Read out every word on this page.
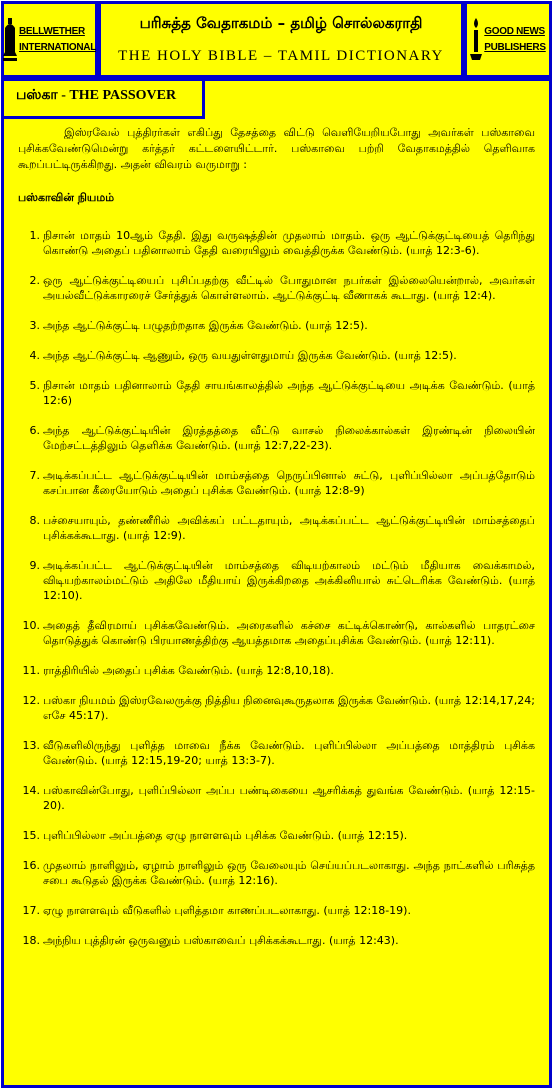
BELLWETHER
INTERNATIONAL
பரிசுத்த வேதாகமம் – தமிழ் சொல்லகராதி
THE HOLY BIBLE – TAMIL DICTIONARY
GOOD NEWS
PUBLISHERS

இஸ்ரவேல் புத்திரர்கள் எகிப்து தேசத்தை விட்டு வெளியேறியபோது அவர்கள் பஸ்காவை புசிக்கவேண்டுமென்று கர்த்தர் கட்டளையிட்டார். பஸ்காவை பற்றி வேதாகமத்தில் தெளிவாக கூறப்பட்டிருக்கிறது. அதன் விவரம் வருமாறு :

பஸ்காவின் நியமம்
1. நிசான் மாதம் 10ஆம் தேதி. இது வருஷத்தின் முதலாம் மாதம். ஒரு ஆட்டுக்குட்டியைத் தெரிந்து கொண்டு அதைப் பதினாலாம் தேதி வரையிலும் வைத்திருக்க வேண்டும். (யாத் 12:3-6).
2. ஒரு ஆட்டுக்குட்டியைப் புசிப்பதற்கு வீட்டில் போதுமான நபர்கள் இல்லையென்றால், அவர்கள் அயல்வீட்டுக்காரரைச் சேர்த்துக் கொள்ளலாம். ஆட்டுக்குட்டி வீணாகக் கூடாது. (யாத் 12:4).
3. அந்த ஆட்டுக்குட்டி பழுதற்றதாக இருக்க வேண்டும். (யாத் 12:5).
4. அந்த ஆட்டுக்குட்டி ஆணும், ஒரு வயதுள்ளதுமாய் இருக்க வேண்டும். (யாத் 12:5).
5. நிசான் மாதம் பதினாலாம் தேதி சாயங்காலத்தில் அந்த ஆட்டுக்குட்டியை அடிக்க வேண்டும். (யாத் 12:6)
6. அந்த ஆட்டுக்குட்டியின் இரத்தத்தை வீட்டு வாசல் நிலைக்கால்கள் இரண்டின் நிலையின் மேற்சட்டத்திலும் தெளிக்க வேண்டும். (யாத் 12:7,22-23).
7. அடிக்கப்பட்ட ஆட்டுக்குட்டியின் மாம்சத்தை நெருப்பினால் சுட்டு, புளிப்பில்லா அப்பத்தோடும் கசப்பான கீரையோடும் அதைப் புசிக்க வேண்டும். (யாத் 12:8-9)
8. பச்சையாயும், தண்ணீரில் அவிக்கப் பட்டதாயும், அடிக்கப்பட்ட ஆட்டுக்குட்டியின் மாம்சத்தைப் புசிக்கக்கூடாது. (யாத் 12:9).
9. அடிக்கப்பட்ட ஆட்டுக்குட்டியின் மாம்சத்தை விடியற்காலம் மட்டும் மீதியாக வைக்காமல், விடியற்காலம்மட்டும் அதிலே மீதியாய் இருக்கிறதை அக்கினியால் சுட்டெரிக்க வேண்டும். (யாத் 12:10).
10. அதைத் தீவிரமாய் புசிக்கவேண்டும். அரைகளில் கச்சை கட்டிக்கொண்டு, கால்களில் பாதரட்சை தொடுத்துக் கொண்டு பிரயாணத்திற்கு ஆயத்தமாக அதைப்புசிக்க வேண்டும். (யாத் 12:11).
11. ராத்திரியில் அதைப் புசிக்க வேண்டும். (யாத் 12:8,10,18).
12. பஸ்கா நியமம் இஸ்ரவேலருக்கு நித்திய நினைவுகூருதலாக இருக்க வேண்டும். (யாத் 12:14,17,24; எசே 45:17).
13. வீடுகளிலிருந்து புளித்த மாவை நீக்க வேண்டும். புளிப்பில்லா அப்பத்தை மாத்திரம் புசிக்க வேண்டும். (யாத் 12:15,19-20; யாத் 13:3-7).
14. பஸ்காவின்போது, புளிப்பில்லா அப்ப பண்டிகையை ஆசரிக்கத் துவங்க வேண்டும். (யாத் 12:15-20).
15. புளிப்பில்லா அப்பத்தை ஏழு நாளளவும் புசிக்க வேண்டும். (யாத் 12:15).
16. முதலாம் நாளிலும், ஏழாம் நாளிலும் ஒரு வேலையும் செய்யப்படலாகாது. அந்த நாட்களில் பரிசுத்த சபை கூடுதல் இருக்க வேண்டும். (யாத் 12:16).
17. ஏழு நாளளவும் வீடுகளில் புளித்தமா காணப்படலாகாது. (யாத் 12:18-19).
18. அந்நிய புத்திரன் ஒருவனும் பஸ்காவைப் புசிக்கக்கூடாது. (யாத் 12:43).
பஸ்கா - THE PASSOVER
